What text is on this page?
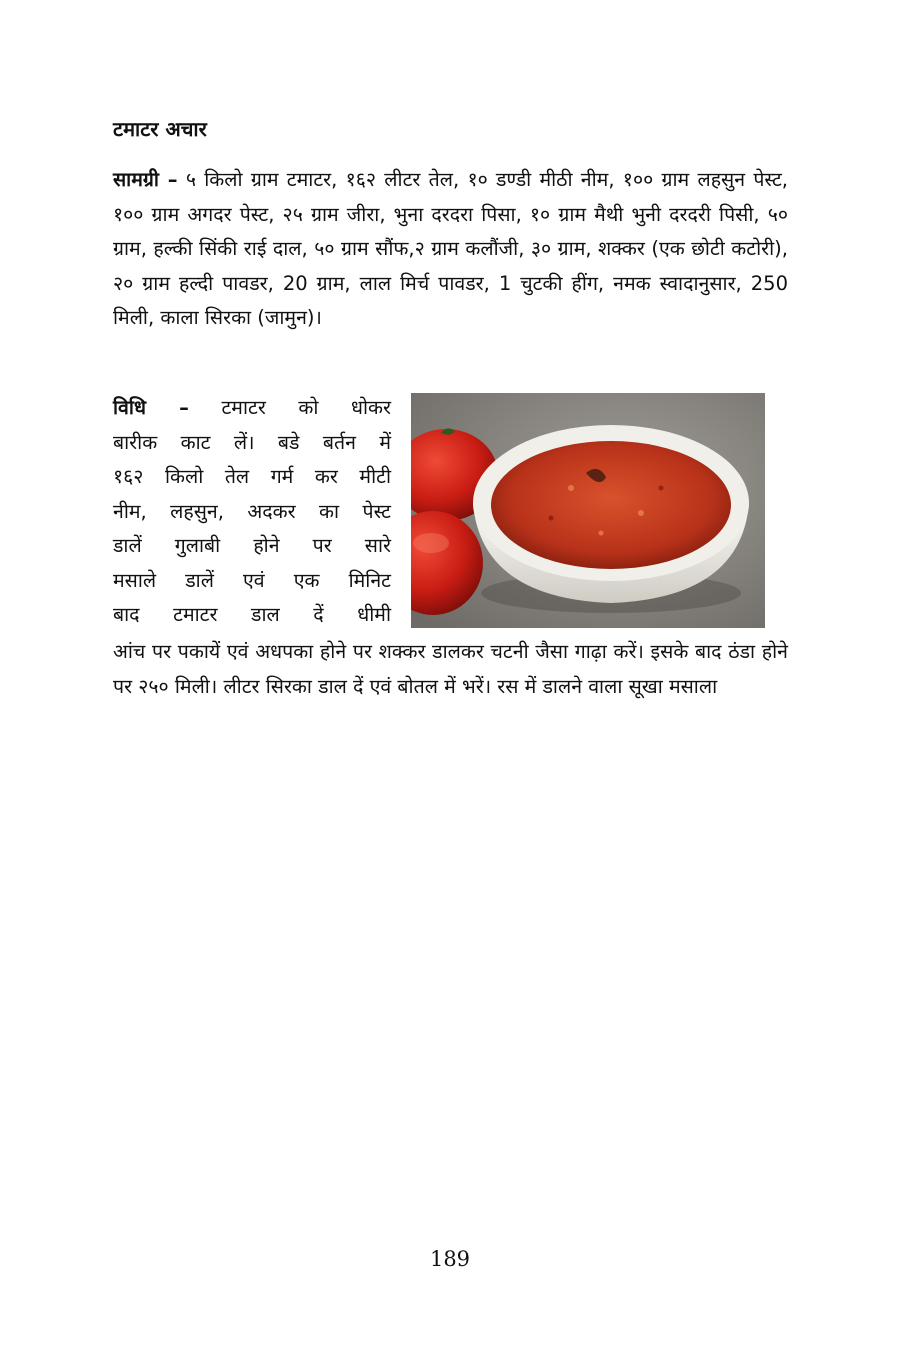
टमाटर अचार
सामग्री – ५ किलो ग्राम टमाटर, १६२ लीटर तेल, १० डण्डी मीठी नीम, १०० ग्राम लहसुन पेस्ट, १०० ग्राम अगदर पेस्ट, २५ ग्राम जीरा, भुना दरदरा पिसा, १० ग्राम मैथी भुनी दरदरी पिसी, ५० ग्राम, हल्की सिंकी राई दाल, ५० ग्राम सौंफ,२ ग्राम कलौंजी, ३० ग्राम, शक्कर (एक छोटी कटोरी), २० ग्राम हल्दी पावडर, 20 ग्राम, लाल मिर्च पावडर, 1 चुटकी हींग, नमक स्वादानुसार, 250 मिली, काला सिरका (जामुन)।
विधि – टमाटर को धोकर
बारीक काट लें। बडे बर्तन में
१६२ किलो तेल गर्म कर मीटी
नीम, लहसुन, अदकर का पेस्ट
डालें गुलाबी होने पर सारे
मसाले डालें एवं एक मिनिट
बाद टमाटर डाल दें धीमी
आंच पर पकायें एवं अधपका होने पर शक्कर डालकर चटनी जैसा गाढ़ा करें। इसके बाद ठंडा होने पर २५० मिली। लीटर सिरका डाल दें एवं बोतल में भरें। रस में डालने वाला सूखा मसाला
189
